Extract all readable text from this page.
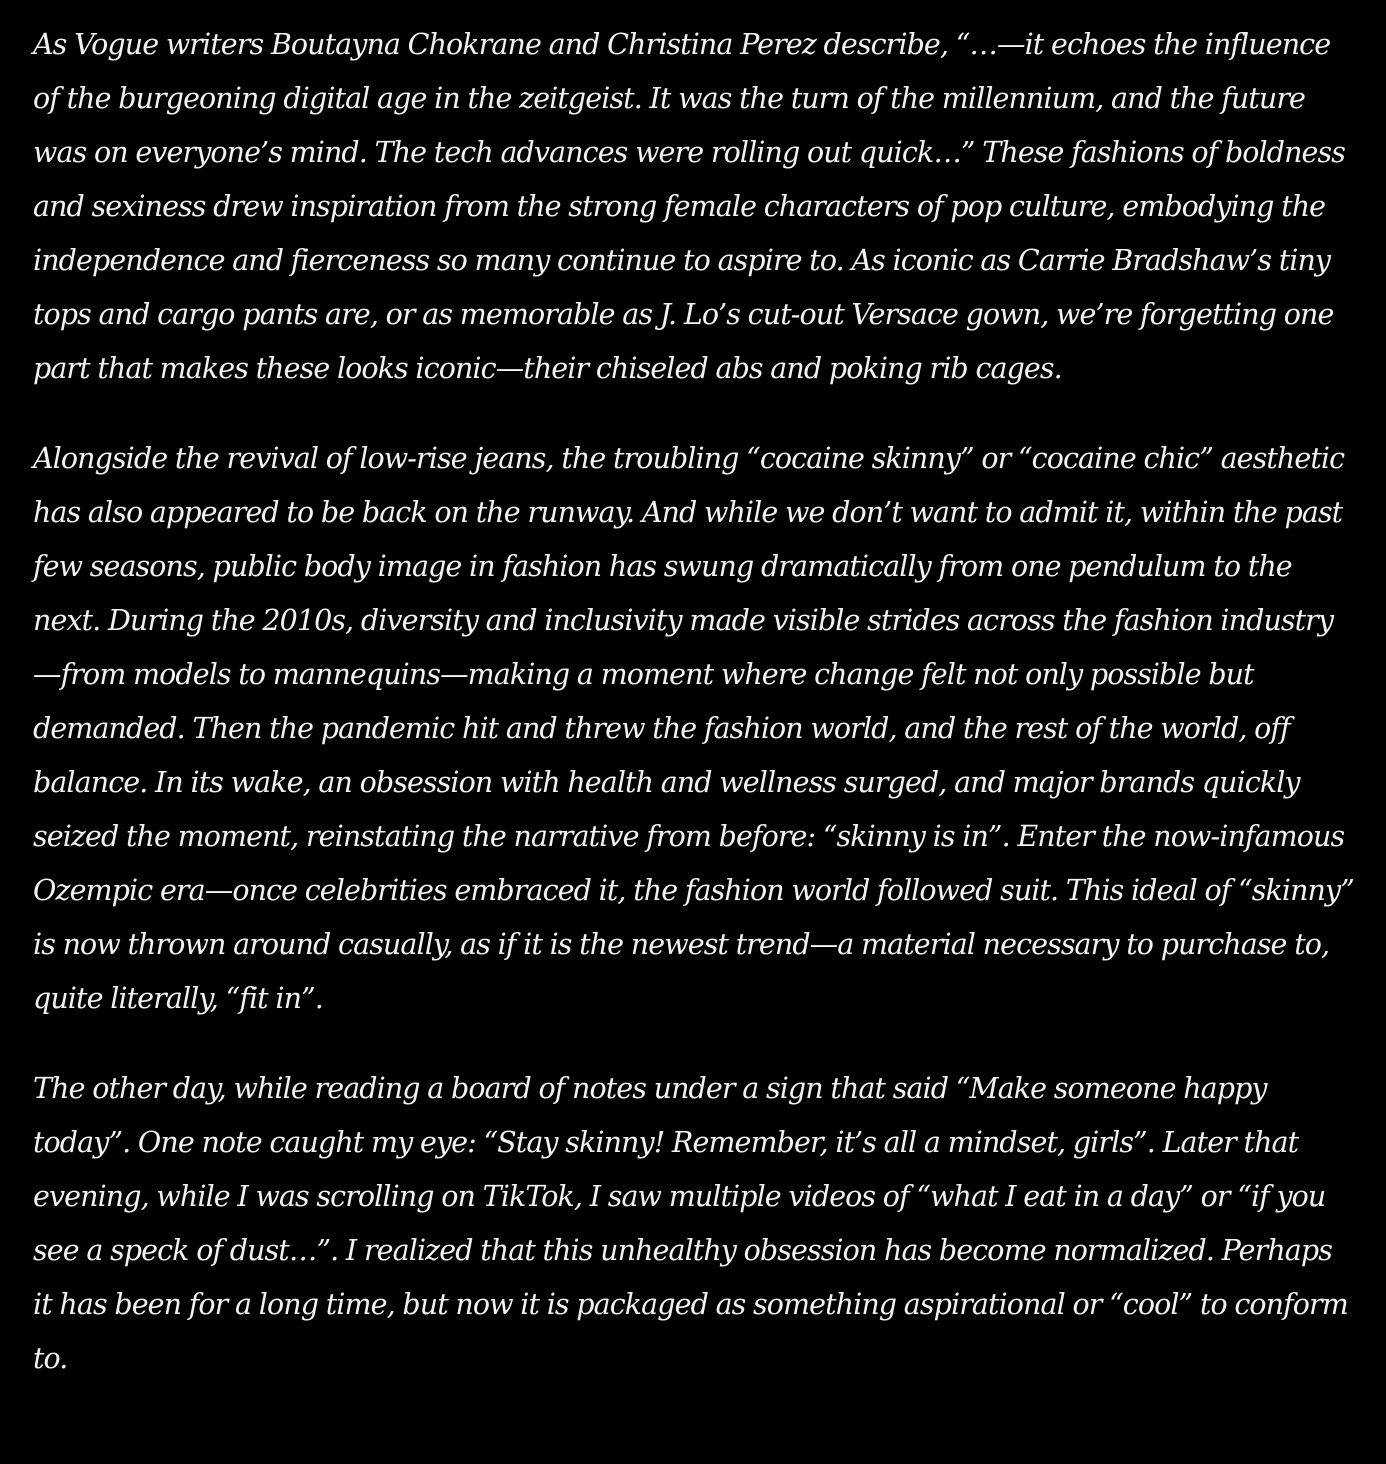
As Vogue writers Boutayna Chokrane and Christina Perez describe, “…—it echoes the influence of the burgeoning digital age in the zeitgeist. It was the turn of the millennium, and the future was on everyone’s mind. The tech advances were rolling out quick…” These fashions of boldness and sexiness drew inspiration from the strong female characters of pop culture, embodying the independence and fierceness so many continue to aspire to. As iconic as Carrie Bradshaw’s tiny tops and cargo pants are, or as memorable as J. Lo’s cut-out Versace gown, we’re forgetting one part that makes these looks iconic—their chiseled abs and poking rib cages.

Alongside the revival of low-rise jeans, the troubling “cocaine skinny” or “cocaine chic” aesthetic has also appeared to be back on the runway. And while we don’t want to admit it, within the past few seasons, public body image in fashion has swung dramatically from one pendulum to the next. During the 2010s, diversity and inclusivity made visible strides across the fashion industry—from models to mannequins—making a moment where change felt not only possible but demanded. Then the pandemic hit and threw the fashion world, and the rest of the world, off balance. In its wake, an obsession with health and wellness surged, and major brands quickly seized the moment, reinstating the narrative from before: “skinny is in”. Enter the now-infamous Ozempic era—once celebrities embraced it, the fashion world followed suit. This ideal of “skinny” is now thrown around casually, as if it is the newest trend—a material necessary to purchase to, quite literally, “fit in”.

The other day, while reading a board of notes under a sign that said “Make someone happy today”. One note caught my eye: “Stay skinny! Remember, it’s all a mindset, girls”. Later that evening, while I was scrolling on TikTok, I saw multiple videos of “what I eat in a day” or “if you see a speck of dust…”. I realized that this unhealthy obsession has become normalized. Perhaps it has been for a long time, but now it is packaged as something aspirational or “cool” to conform to.
